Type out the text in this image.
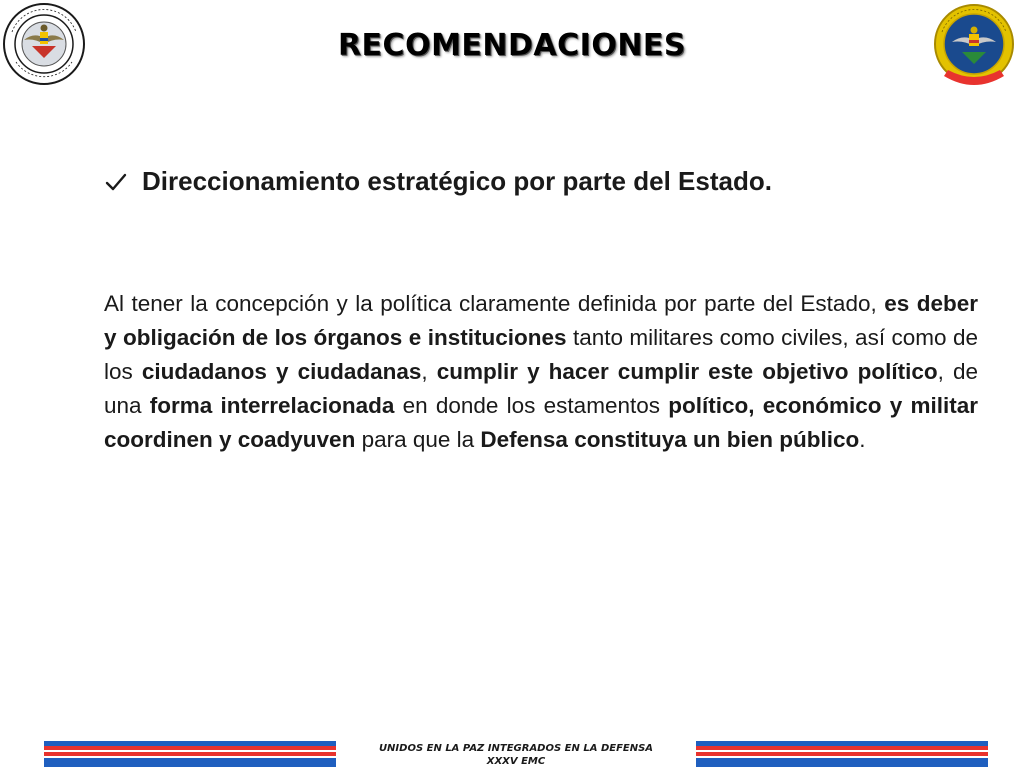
RECOMENDACIONES
Direccionamiento estratégico por parte del Estado.

Al tener la concepción y la política claramente definida por parte del Estado, es deber y obligación de los órganos e instituciones tanto militares como civiles, así como de los ciudadanos y ciudadanas, cumplir y hacer cumplir este objetivo político, de una forma interrelacionada en donde los estamentos político, económico y militar coordinen y coadyuven para que la Defensa constituya un bien público.

UNIDOS EN LA PAZ INTEGRADOS EN LA DEFENSA
XXXV EMC
